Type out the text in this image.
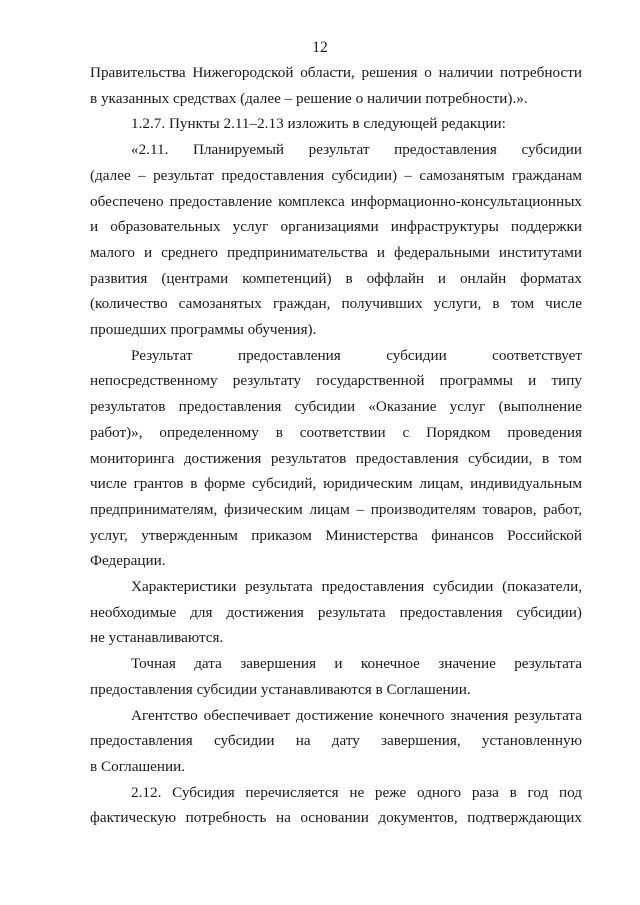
12
Правительства Нижегородской области, решения о наличии потребности
в указанных средствах (далее – решение о наличии потребности).».
1.2.7. Пункты 2.11–2.13 изложить в следующей редакции:
«2.11. Планируемый результат предоставления субсидии
(далее – результат предоставления субсидии) – самозанятым гражданам
обеспечено предоставление комплекса информационно-консультационных
и образовательных услуг организациями инфраструктуры поддержки
малого и среднего предпринимательства и федеральными институтами
развития (центрами компетенций) в оффлайн и онлайн форматах
(количество самозанятых граждан, получивших услуги, в том числе
прошедших программы обучения).
Результат предоставления субсидии соответствует
непосредственному результату государственной программы и типу
результатов предоставления субсидии «Оказание услуг (выполнение
работ)», определенному в соответствии с Порядком проведения
мониторинга достижения результатов предоставления субсидии, в том
числе грантов в форме субсидий, юридическим лицам, индивидуальным
предпринимателям, физическим лицам – производителям товаров, работ,
услуг, утвержденным приказом Министерства финансов Российской
Федерации.
Характеристики результата предоставления субсидии (показатели,
необходимые для достижения результата предоставления субсидии)
не устанавливаются.
Точная дата завершения и конечное значение результата
предоставления субсидии устанавливаются в Соглашении.
Агентство обеспечивает достижение конечного значения результата
предоставления субсидии на дату завершения, установленную
в Соглашении.
2.12. Субсидия перечисляется не реже одного раза в год под
фактическую потребность на основании документов, подтверждающих
